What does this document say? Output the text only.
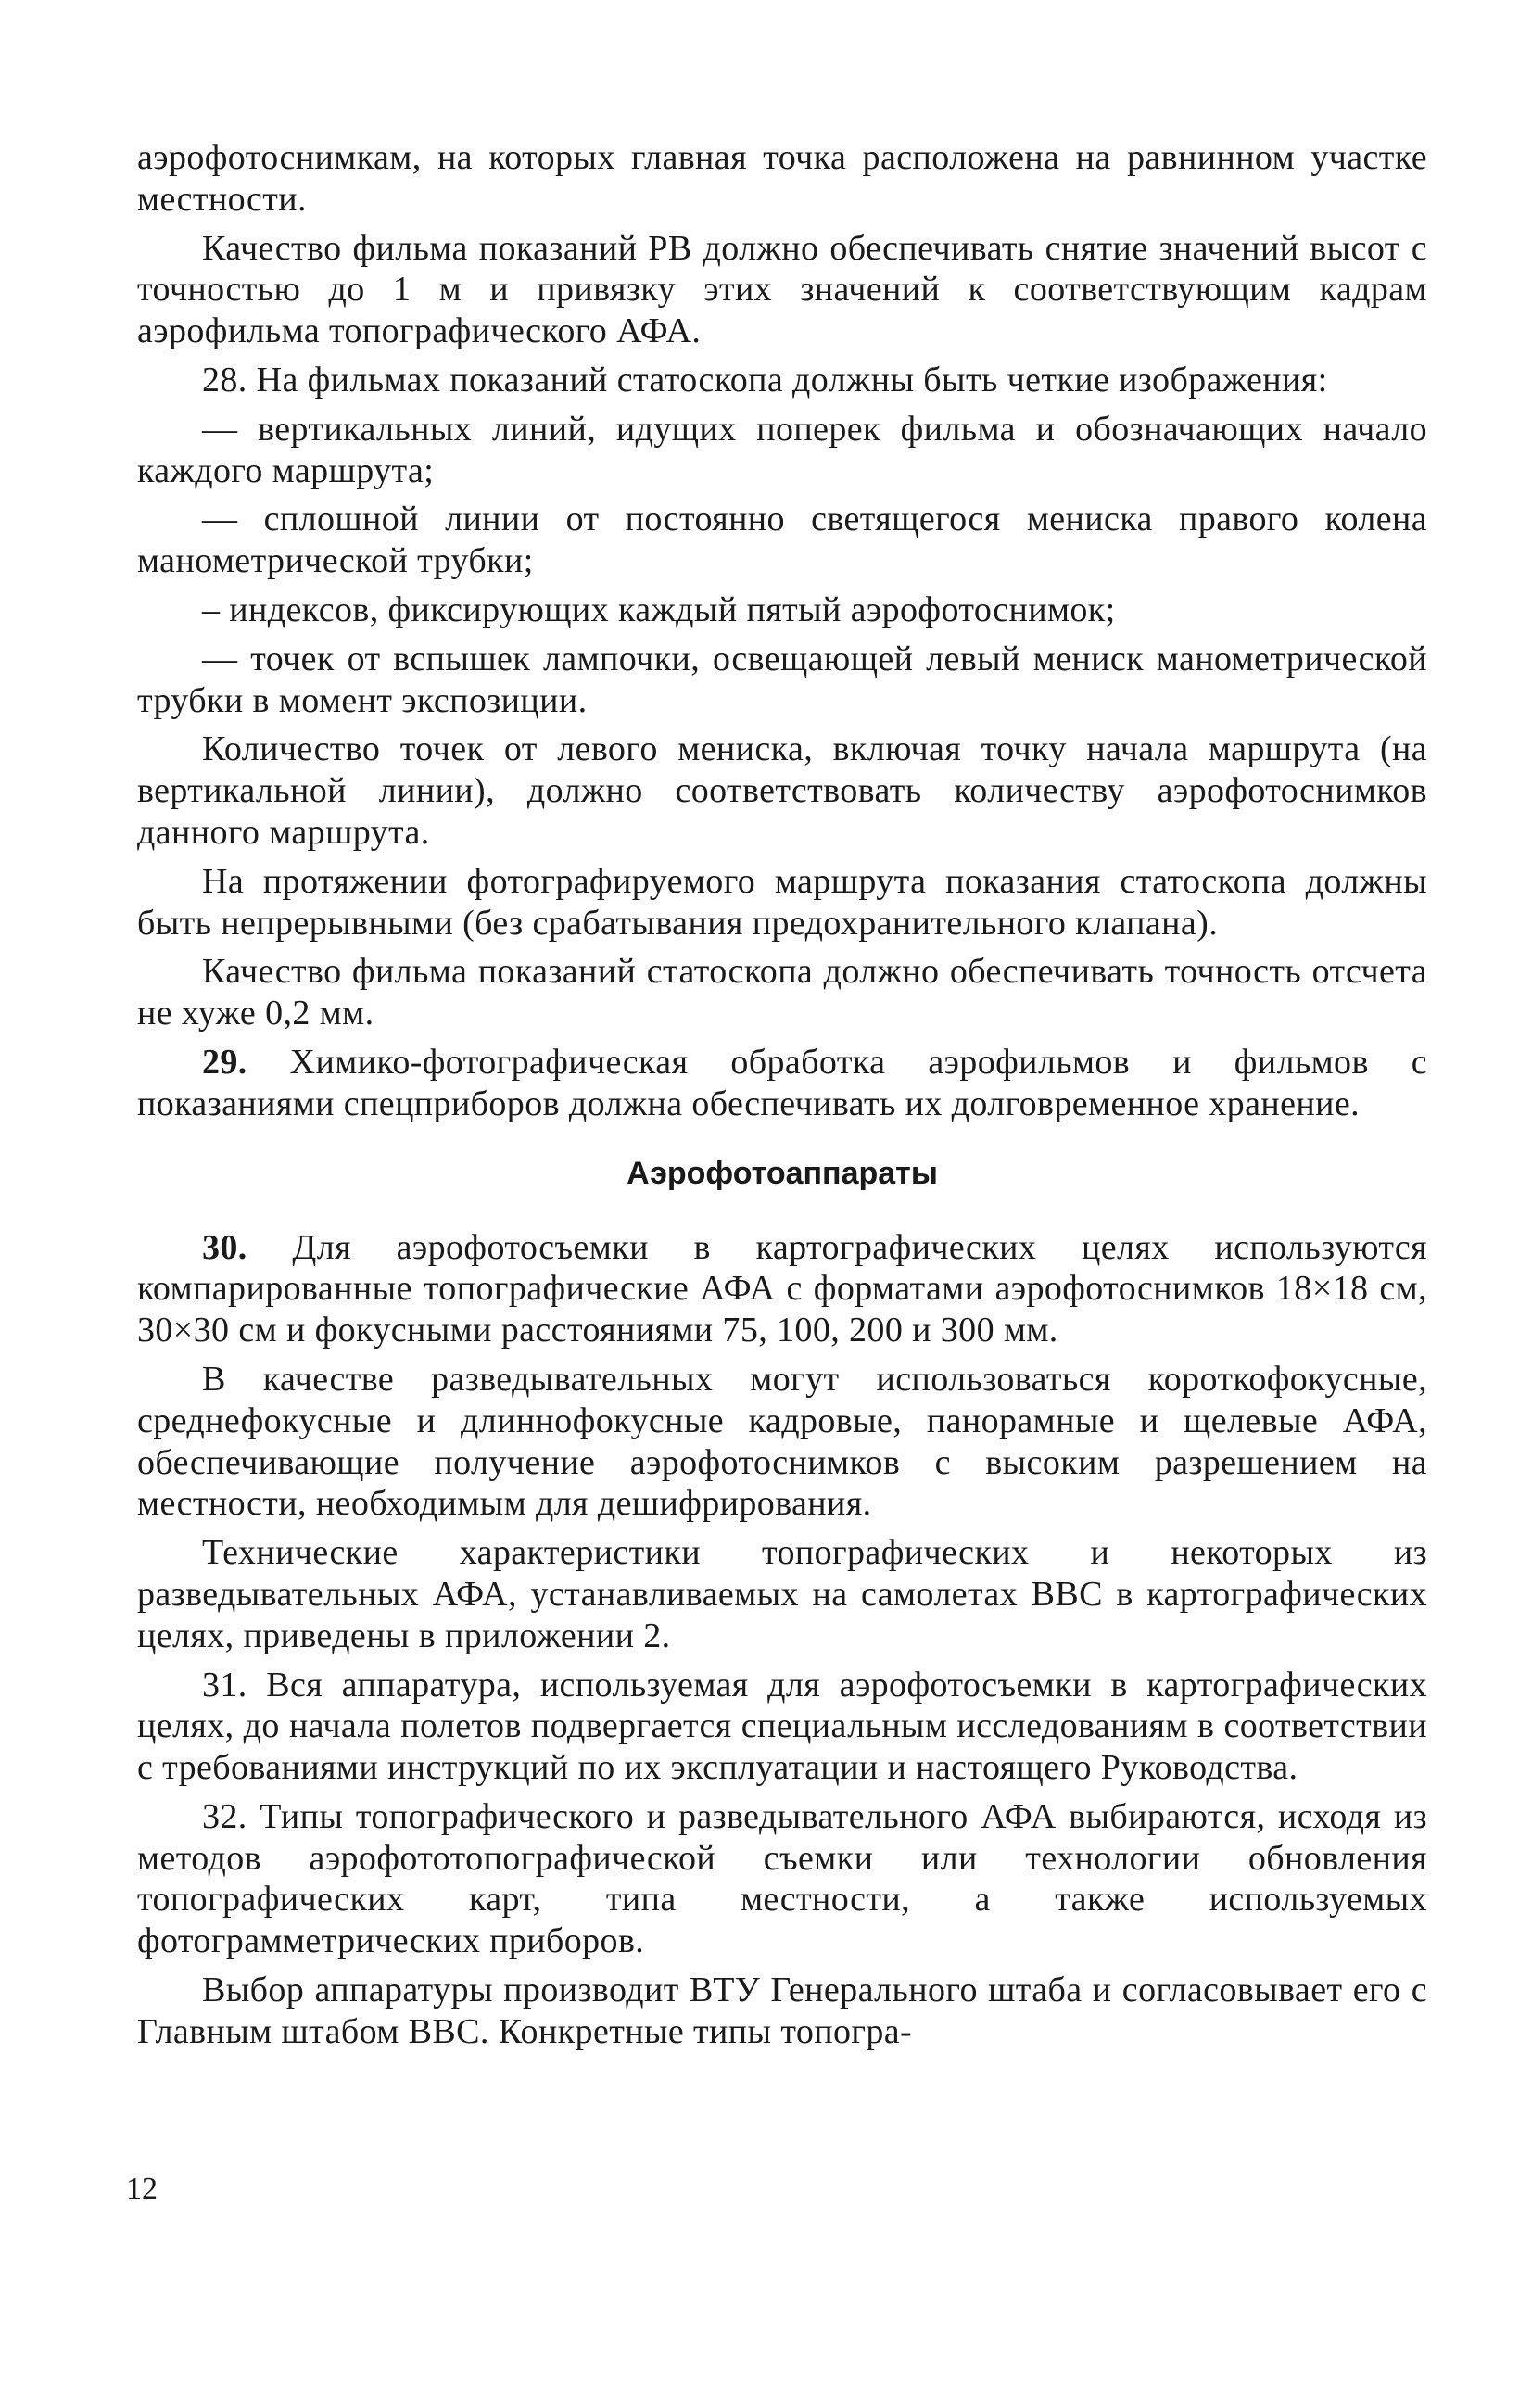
аэрофотоснимкам, на которых главная точка расположена на равнинном участке местности.

Качество фильма показаний РВ должно обеспечивать снятие значений высот с точностью до 1 м и привязку этих значений к соответствующим кадрам аэрофильма топографического АФА.

28. На фильмах показаний статоскопа должны быть четкие изображения:

— вертикальных линий, идущих поперек фильма и обозначающих начало каждого маршрута;

— сплошной линии от постоянно светящегося мениска правого колена манометрической трубки;

– индексов, фиксирующих каждый пятый аэрофотоснимок;

— точек от вспышек лампочки, освещающей левый мениск манометрической трубки в момент экспозиции.

Количество точек от левого мениска, включая точку начала маршрута (на вертикальной линии), должно соответствовать количеству аэрофотоснимков данного маршрута.

На протяжении фотографируемого маршрута показания статоскопа должны быть непрерывными (без срабатывания предохранительного клапана).

Качество фильма показаний статоскопа должно обеспечивать точность отсчета не хуже 0,2 мм.

29. Химико-фотографическая обработка аэрофильмов и фильмов с показаниями спецприборов должна обеспечивать их долговременное хранение.

Аэрофотоаппараты

30. Для аэрофотосъемки в картографических целях используются компарированные топографические АФА с форматами аэрофотоснимков 18×18 см, 30×30 см и фокусными расстояниями 75, 100, 200 и 300 мм.

В качестве разведывательных могут использоваться короткофокусные, среднефокусные и длиннофокусные кадровые, панорамные и щелевые АФА, обеспечивающие получение аэрофотоснимков с высоким разрешением на местности, необходимым для дешифрирования.

Технические характеристики топографических и некоторых из разведывательных АФА, устанавливаемых на самолетах ВВС в картографических целях, приведены в приложении 2.

31. Вся аппаратура, используемая для аэрофотосъемки в картографических целях, до начала полетов подвергается специальным исследованиям в соответствии с требованиями инструкций по их эксплуатации и настоящего Руководства.

32. Типы топографического и разведывательного АФА выбираются, исходя из методов аэрофототопографической съемки или технологии обновления топографических карт, типа местности, а также используемых фотограмметрических приборов.

Выбор аппаратуры производит ВТУ Генерального штаба и согласовывает его с Главным штабом ВВС. Конкретные типы топогра-

12
